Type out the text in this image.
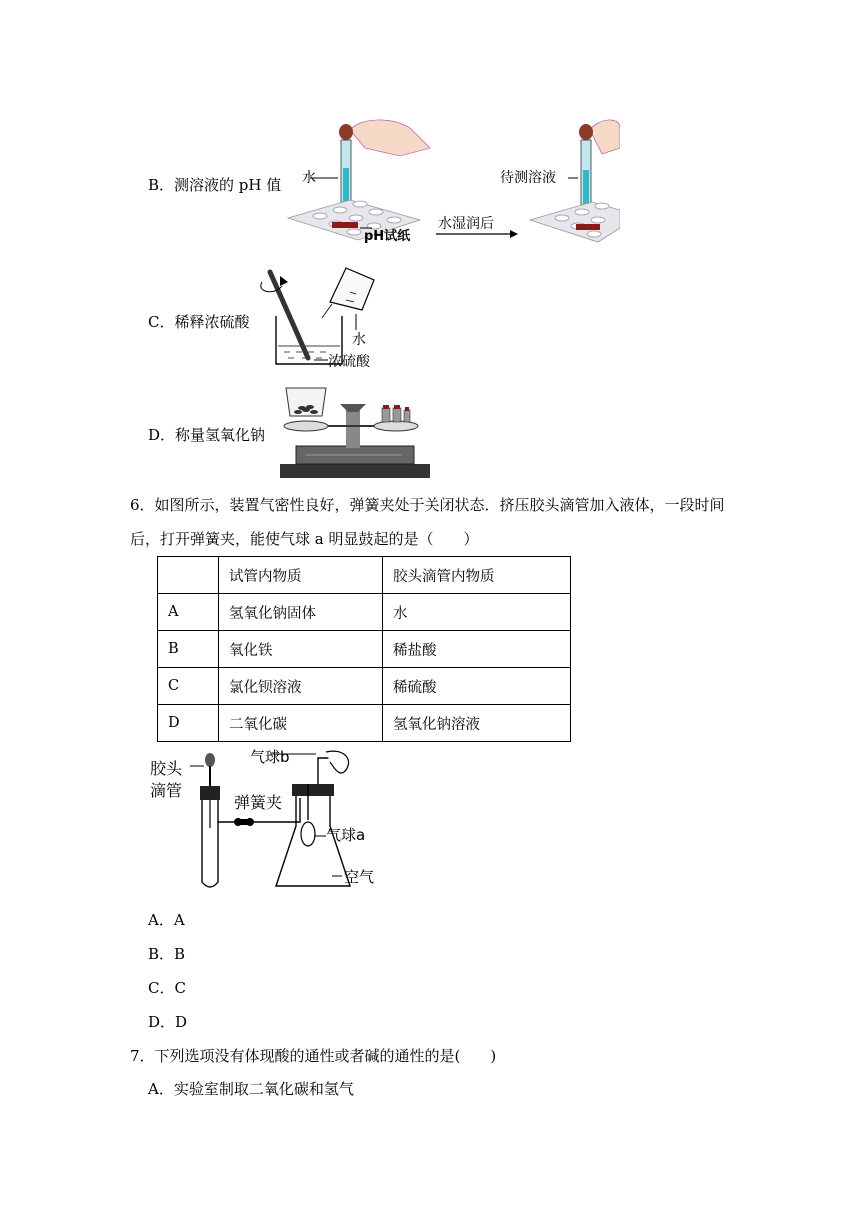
B．测溶液的 pH 值 水
pH试纸
水湿润后
待测溶液
C．稀释浓硫酸
水
浓硫酸
D．称量氢氧化钠
6．如图所示，装置气密性良好，弹簧夹处于关闭状态．挤压胶头滴管加入液体，一段时间
后，打开弹簧夹，能使气球 a 明显鼓起的是（　　）
	试管内物质	胶头滴管内物质
A	氢氧化钠固体	水
B	氧化铁	稀盐酸
C	氯化钡溶液	稀硫酸
D	二氧化碳	氢氧化钠溶液
胶头
滴管
弹簧夹
气球b
气球a
空气
A．A
B．B
C．C
D．D
7．下列选项没有体现酸的通性或者碱的通性的是(　　)
A．实验室制取二氧化碳和氢气
